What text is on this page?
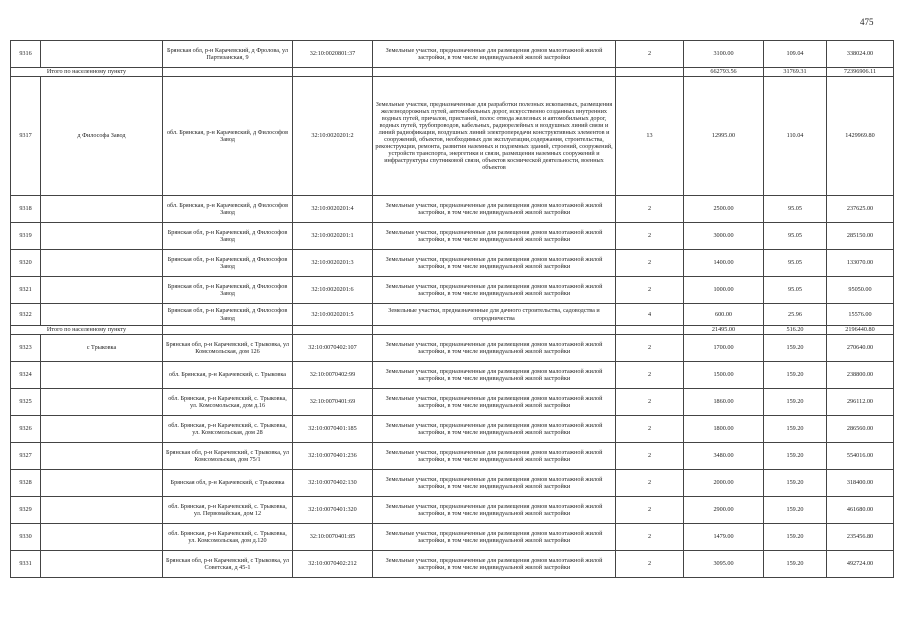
475
9316		Брянская обл, р-н Карачевский, д Фролова, ул Партизанская, 9	32:10:0020801:37	Земельные участки, предназначенные для размещения домов малоэтажной жилой застройки, в том числе индивидуальной жилой застройки	2	3100.00	109.04	338024.00
Итого по населенному пункту						662793.56	31769.31	72396906.11
9317	д Философа Завод	обл. Брянская, р-н Карачевский, д Философов Завод	32:10:0020201:2	Земельные участки, предназначенные для разработки полезных ископаемых, размещения железнодорожных путей, автомобильных дорог, искусственно созданных внутренних водных путей, причалов, пристаней, полос отвода железных и автомобильных дорог, водных путей, трубопроводов, кабельных, радиорелейных и воздушных линий связи и линий радиофикации, воздушных линий электропередачи конструктивных элементов и сооружений, объектов, необходимых для эксплуатации,содержания, строительства, реконструкции, ремонта, развития наземных и подземных зданий, строений, сооружений, устройств транспорта, энергетики и связи, размещения наземных сооружений и инфраструктуры спутниковой связи, объектов космической деятельности, военных объектов	13	12995.00	110.04	1429969.80
9318		обл. Брянская, р-н Карачевский, д Философов Завод	32:10:0020201:4	Земельные участки, предназначенные для размещения домов малоэтажной жилой застройки, в том числе индивидуальной жилой застройки	2	2500.00	95.05	237625.00
9319		Брянская обл, р-н Карачевский, д Философов Завод	32:10:0020201:1	Земельные участки, предназначенные для размещения домов малоэтажной жилой застройки, в том числе индивидуальной жилой застройки	2	3000.00	95.05	285150.00
9320		Брянская обл, р-н Карачевский, д Философов Завод	32:10:0020201:3	Земельные участки, предназначенные для размещения домов малоэтажной жилой застройки, в том числе индивидуальной жилой застройки	2	1400.00	95.05	133070.00
9321		Брянская обл, р-н Карачевский, д Философов Завод	32:10:0020201:6	Земельные участки, предназначенные для размещения домов малоэтажной жилой застройки, в том числе индивидуальной жилой застройки	2	1000.00	95.05	95050.00
9322		Брянская обл, р-н Карачевский, д Философов Завод	32:10:0020201:5	Земельные участки, предназначенные для дачного строительства, садоводства и огородничества	4	600.00	25.96	15576.00
Итого по населенному пункту						21495.00	516.20	2196440.80
9323	с Трыковка	Брянская обл, р-н Карачевский, с Трыковка, ул Комсомольская, дом 126	32:10:0070402:107	Земельные участки, предназначенные для размещения домов малоэтажной жилой застройки, в том числе индивидуальной жилой застройки	2	1700.00	159.20	270640.00
9324		обл. Брянская, р-н Карачевский, с. Трыковка	32:10:0070402:99	Земельные участки, предназначенные для размещения домов малоэтажной жилой застройки, в том числе индивидуальной жилой застройки	2	1500.00	159.20	238800.00
9325		обл. Брянская, р-н Карачевский, с. Трыковка, ул. Комсомольская, дом д.16	32:10:0070401:69	Земельные участки, предназначенные для размещения домов малоэтажной жилой застройки, в том числе индивидуальной жилой застройки	2	1860.00	159.20	296112.00
9326		обл. Брянская, р-н Карачевский, с. Трыковка, ул. Комсомольская, дом 28	32:10:0070401:185	Земельные участки, предназначенные для размещения домов малоэтажной жилой застройки, в том числе индивидуальной жилой застройки	2	1800.00	159.20	286560.00
9327		Брянская обл, р-н Карачевский, с Трыковка, ул Комсомольская, дом 75/1	32:10:0070401:236	Земельные участки, предназначенные для размещения домов малоэтажной жилой застройки, в том числе индивидуальной жилой застройки	2	3480.00	159.20	554016.00
9328		Брянская обл, р-н Карачевский, с Трыковка	32:10:0070402:130	Земельные участки, предназначенные для размещения домов малоэтажной жилой застройки, в том числе индивидуальной жилой застройки	2	2000.00	159.20	318400.00
9329		обл. Брянская, р-н Карачевский, с. Трыковка, ул. Первомайская, дом 12	32:10:0070401:320	Земельные участки, предназначенные для размещения домов малоэтажной жилой застройки, в том числе индивидуальной жилой застройки	2	2900.00	159.20	461680.00
9330		обл. Брянская, р-н Карачевский, с. Трыковка, ул. Комсомольская, дом д.120	32:10:0070401:85	Земельные участки, предназначенные для размещения домов малоэтажной жилой застройки, в том числе индивидуальной жилой застройки	2	1479.00	159.20	235456.80
9331		Брянская обл, р-н Карачевский, с Трыковка, ул Советская, д 45-1	32:10:0070402:212	Земельные участки, предназначенные для размещения домов малоэтажной жилой застройки, в том числе индивидуальной жилой застройки	2	3095.00	159.20	492724.00
